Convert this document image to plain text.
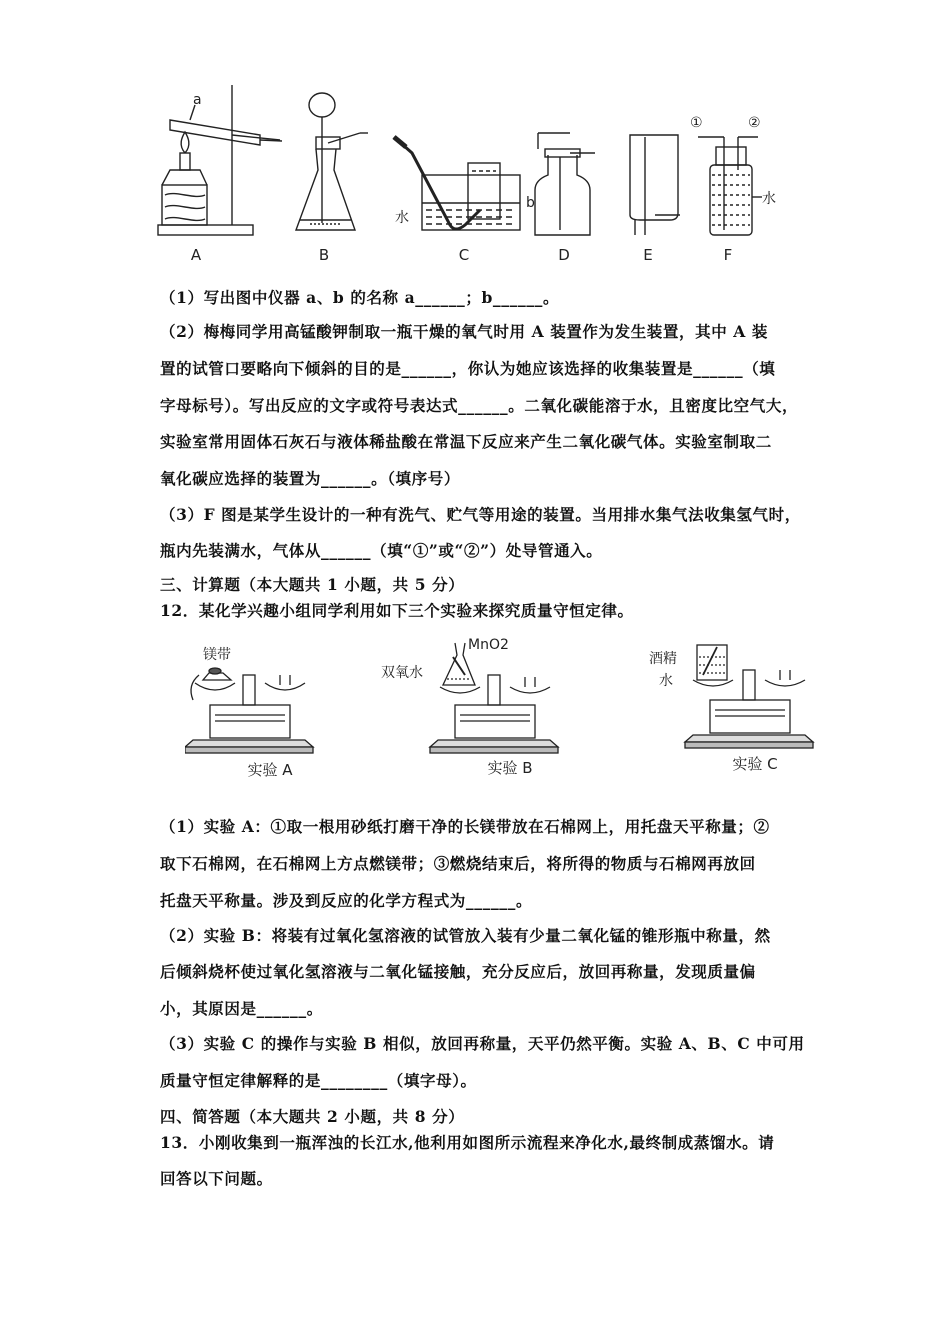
A	B	C	D	E	F
a
b
水
水
①	②

（1）写出图中仪器 a、b 的名称 a______；b______。

（2）梅梅同学用高锰酸钾制取一瓶干燥的氧气时用 A 装置作为发生装置，其中 A 装

置的试管口要略向下倾斜的目的是______，你认为她应该选择的收集装置是______（填

字母标号）。写出反应的文字或符号表达式______。二氧化碳能溶于水，且密度比空气大，

实验室常用固体石灰石与液体稀盐酸在常温下反应来产生二氧化碳气体。实验室制取二

氧化碳应选择的装置为______。（填序号）

（3）F 图是某学生设计的一种有洗气、贮气等用途的装置。当用排水集气法收集氢气时，

瓶内先装满水，气体从______（填“①”或“②”）处导管通入。

三、计算题（本大题共 1 小题，共 5 分）

12．某化学兴趣小组同学利用如下三个实验来探究质量守恒定律。

实验 A	实验 B	实验 C
镁带
MnO2
双氧水
酒精
水

（1）实验 A：①取一根用砂纸打磨干净的长镁带放在石棉网上，用托盘天平称量；②

取下石棉网，在石棉网上方点燃镁带；③燃烧结束后，将所得的物质与石棉网再放回

托盘天平称量。涉及到反应的化学方程式为______。

（2）实验 B：将装有过氧化氢溶液的试管放入装有少量二氧化锰的锥形瓶中称量，然

后倾斜烧杯使过氧化氢溶液与二氧化锰接触，充分反应后，放回再称量，发现质量偏

小，其原因是______。

（3）实验 C 的操作与实验 B 相似，放回再称量，天平仍然平衡。实验 A、B、C 中可用

质量守恒定律解释的是________（填字母）。

四、简答题（本大题共 2 小题，共 8 分）

13．小刚收集到一瓶浑浊的长江水,他利用如图所示流程来净化水,最终制成蒸馏水。请

回答以下问题。
